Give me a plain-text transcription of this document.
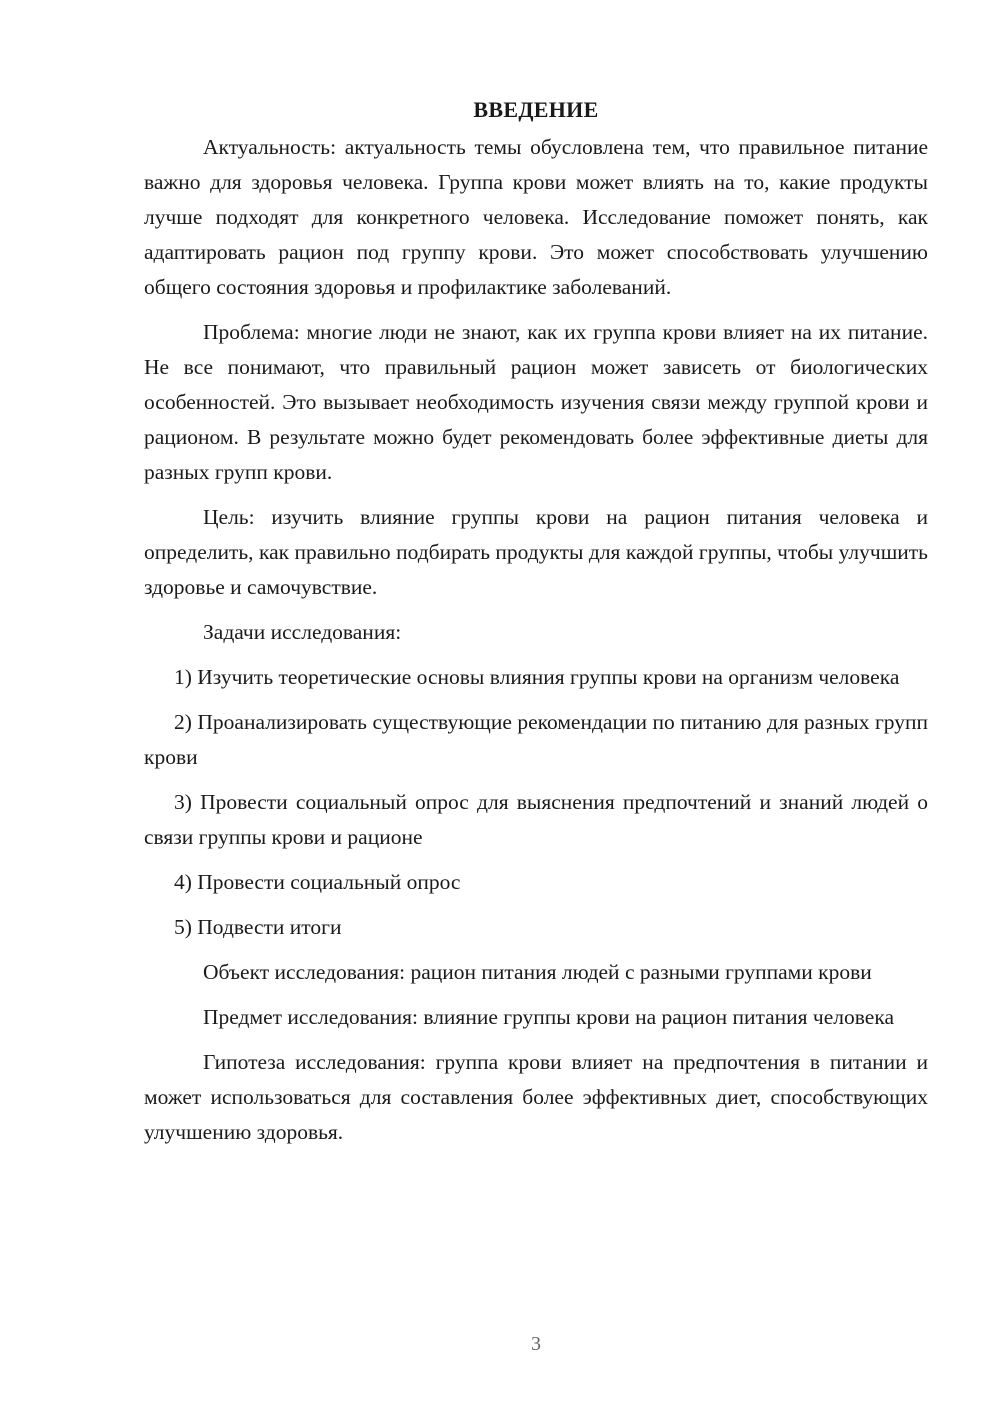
ВВЕДЕНИЕ

Актуальность: актуальность темы обусловлена тем, что правильное питание важно для здоровья человека. Группа крови может влиять на то, какие продукты лучше подходят для конкретного человека. Исследование поможет понять, как адаптировать рацион под группу крови. Это может способствовать улучшению общего состояния здоровья и профилактике заболеваний.

Проблема: многие люди не знают, как их группа крови влияет на их питание. Не все понимают, что правильный рацион может зависеть от биологических особенностей. Это вызывает необходимость изучения связи между группой крови и рационом. В результате можно будет рекомендовать более эффективные диеты для разных групп крови.

Цель: изучить влияние группы крови на рацион питания человека и определить, как правильно подбирать продукты для каждой группы, чтобы улучшить здоровье и самочувствие.

Задачи исследования:

1) Изучить теоретические основы влияния группы крови на организм человека

2) Проанализировать существующие рекомендации по питанию для разных групп крови

3) Провести социальный опрос для выяснения предпочтений и знаний людей о связи группы крови и рационе

4) Провести социальный опрос

5) Подвести итоги

Объект исследования: рацион питания людей с разными группами крови

Предмет исследования: влияние группы крови на рацион питания человека

Гипотеза исследования: группа крови влияет на предпочтения в питании и может использоваться для составления более эффективных диет, способствующих улучшению здоровья.

3
